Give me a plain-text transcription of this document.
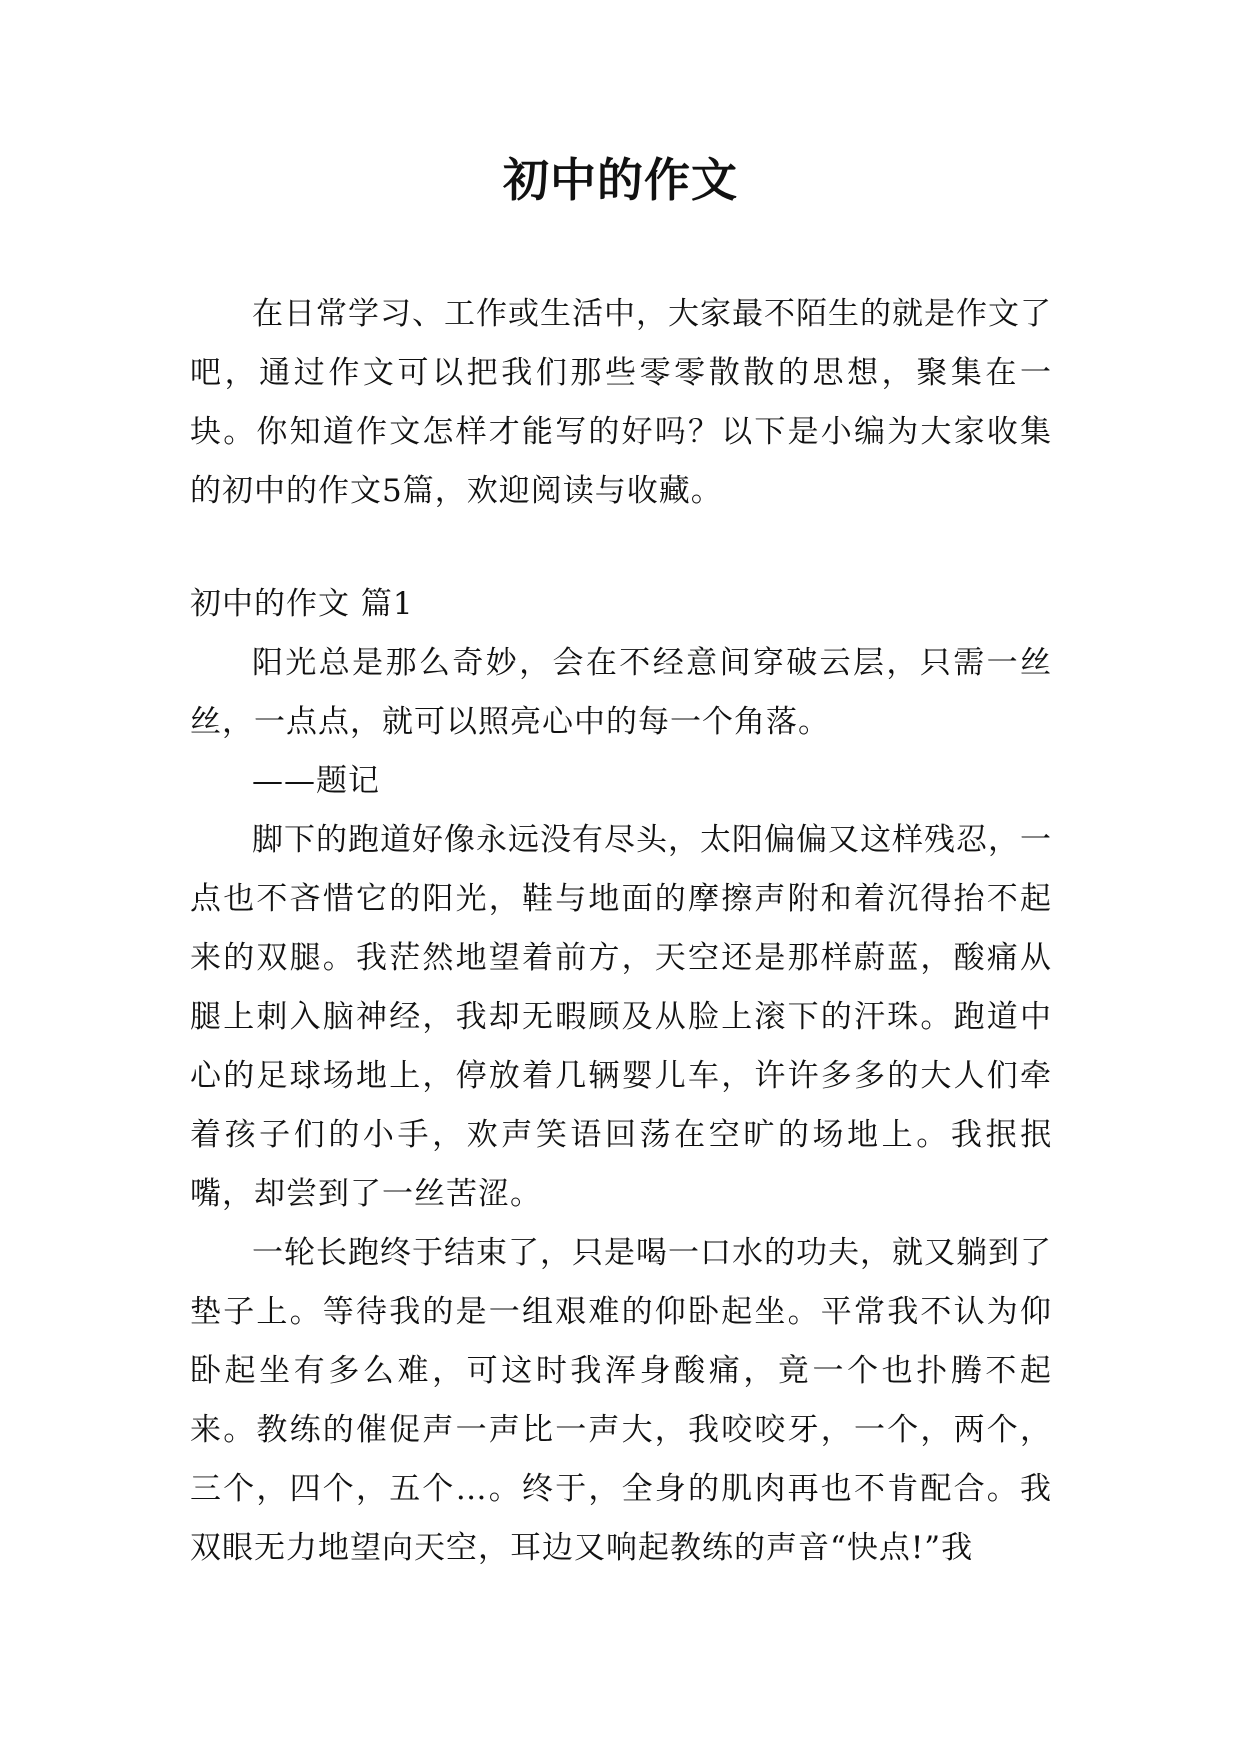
初中的作文

在日常学习、工作或生活中，大家最不陌生的就是作文了吧，通过作文可以把我们那些零零散散的思想，聚集在一块。你知道作文怎样才能写的好吗？以下是小编为大家收集的初中的作文5篇，欢迎阅读与收藏。

初中的作文 篇1

阳光总是那么奇妙，会在不经意间穿破云层，只需一丝丝，一点点，就可以照亮心中的每一个角落。

——题记

脚下的跑道好像永远没有尽头，太阳偏偏又这样残忍，一点也不吝惜它的阳光，鞋与地面的摩擦声附和着沉得抬不起来的双腿。我茫然地望着前方，天空还是那样蔚蓝，酸痛从腿上刺入脑神经，我却无暇顾及从脸上滚下的汗珠。跑道中心的足球场地上，停放着几辆婴儿车，许许多多的大人们牵着孩子们的小手，欢声笑语回荡在空旷的场地上。我抿抿嘴，却尝到了一丝苦涩。

一轮长跑终于结束了，只是喝一口水的功夫，就又躺到了垫子上。等待我的是一组艰难的仰卧起坐。平常我不认为仰卧起坐有多么难，可这时我浑身酸痛，竟一个也扑腾不起来。教练的催促声一声比一声大，我咬咬牙，一个，两个，三个，四个，五个…。终于，全身的肌肉再也不肯配合。我双眼无力地望向天空，耳边又响起教练的声音“快点!”我
